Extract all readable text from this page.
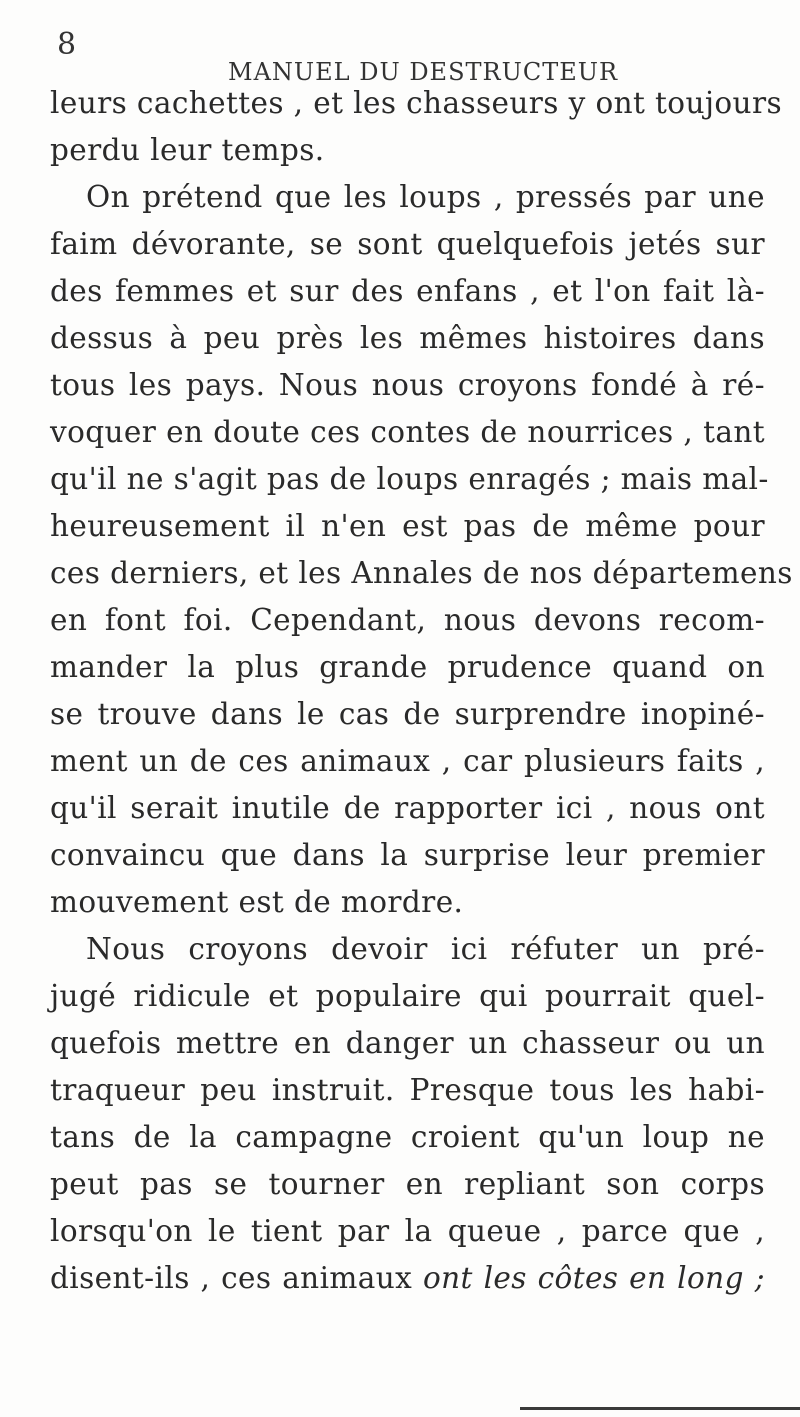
8
MANUEL DU DESTRUCTEUR
leurs cachettes , et les chasseurs y ont toujours
perdu leur temps.
On prétend que les loups , pressés par une
faim dévorante, se sont quelquefois jetés sur
des femmes et sur des enfans , et l'on fait là-
dessus à peu près les mêmes histoires dans
tous les pays. Nous nous croyons fondé à ré-
voquer en doute ces contes de nourrices , tant
qu'il ne s'agit pas de loups enragés ; mais mal-
heureusement il n'en est pas de même pour
ces derniers, et les Annales de nos départemens
en font foi. Cependant, nous devons recom-
mander la plus grande prudence quand on
se trouve dans le cas de surprendre inopiné-
ment un de ces animaux , car plusieurs faits ,
qu'il serait inutile de rapporter ici , nous ont
convaincu que dans la surprise leur premier
mouvement est de mordre.
Nous croyons devoir ici réfuter un pré-
jugé ridicule et populaire qui pourrait quel-
quefois mettre en danger un chasseur ou un
traqueur peu instruit. Presque tous les habi-
tans de la campagne croient qu'un loup ne
peut pas se tourner en repliant son corps
lorsqu'on le tient par la queue , parce que ,
disent-ils , ces animaux ont les côtes en long ;
